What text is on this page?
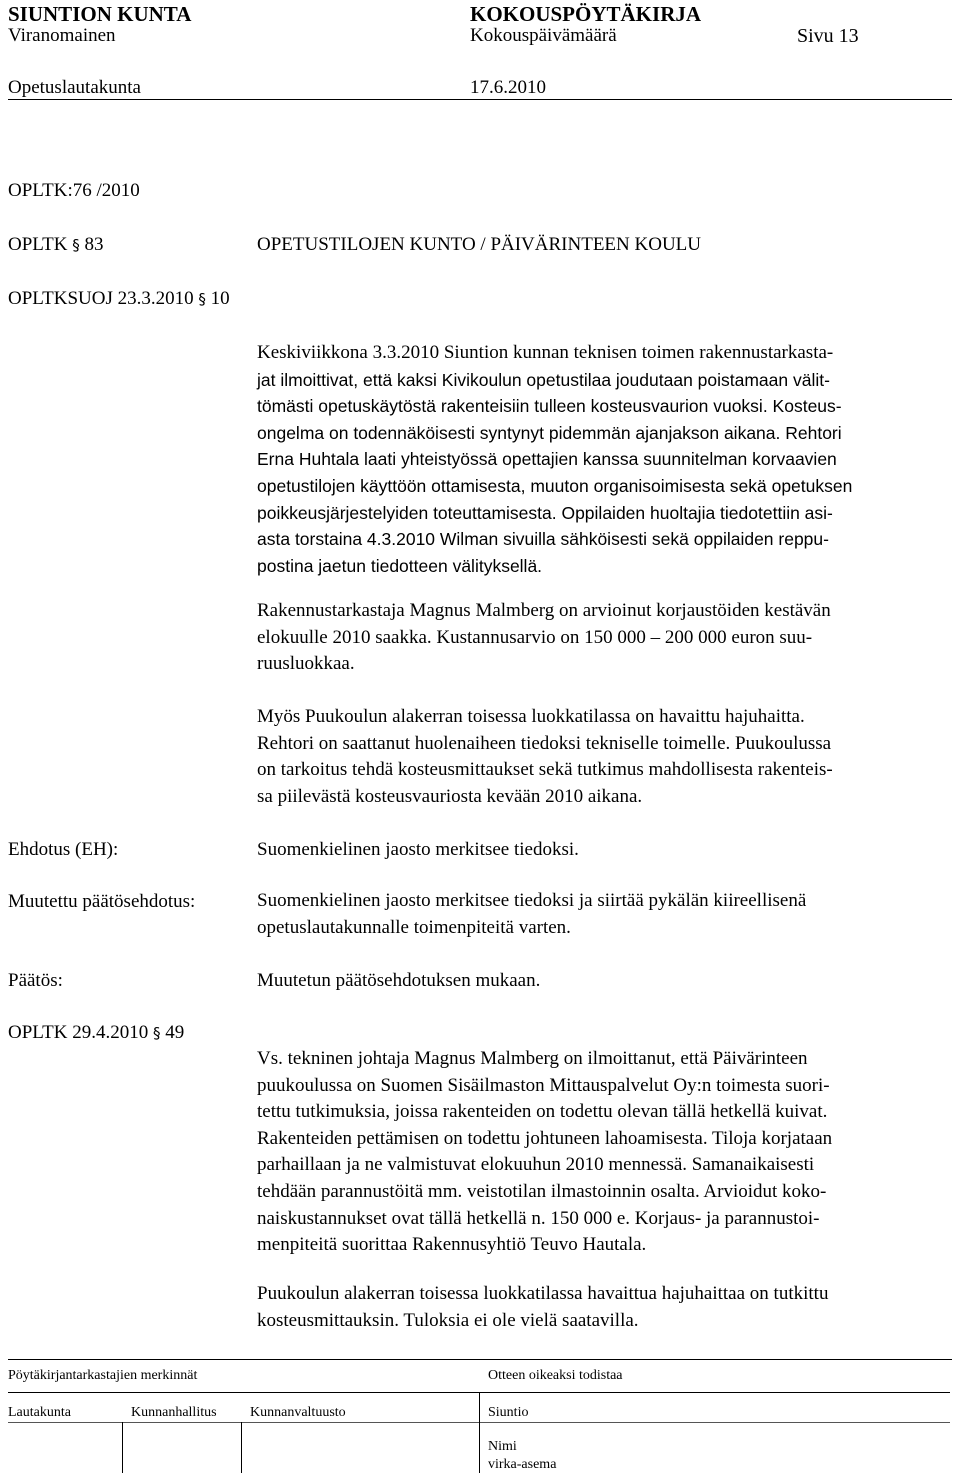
SIUNTION KUNTA	KOKOUSPÖYTÄKIRJA
Viranomainen	Kokouspäivämäärä	Sivu 13
Opetuslautakunta	17.6.2010
OPLTK:76 /2010
OPLTK § 83	OPETUSTILOJEN KUNTO / PÄIVÄRINTEEN KOULU
OPLTKSUOJ 23.3.2010 § 10
Keskiviikkona 3.3.2010 Siuntion kunnan teknisen toimen rakennustarkasta-
jat ilmoittivat, että kaksi Kivikoulun opetustilaa joudutaan poistamaan välit-
tömästi opetuskäytöstä rakenteisiin tulleen kosteusvaurion vuoksi. Kosteus-
ongelma on todennäköisesti syntynyt pidemmän ajanjakson aikana. Rehtori
Erna Huhtala laati yhteistyössä opettajien kanssa suunnitelman korvaavien
opetustilojen käyttöön ottamisesta, muuton organisoimisesta sekä opetuksen
poikkeusjärjestelyiden toteuttamisesta. Oppilaiden huoltajia tiedotettiin asi-
asta torstaina 4.3.2010 Wilman sivuilla sähköisesti sekä oppilaiden reppu-
postina jaetun tiedotteen välityksellä.
Rakennustarkastaja Magnus Malmberg on arvioinut korjaustöiden kestävän
elokuulle 2010 saakka. Kustannusarvio on 150 000 – 200 000 euron suu-
ruusluokkaa.
Myös Puukoulun alakerran toisessa luokkatilassa on havaittu hajuhaitta.
Rehtori on saattanut huolenaiheen tiedoksi tekniselle toimelle. Puukoulussa
on tarkoitus tehdä kosteusmittaukset sekä tutkimus mahdollisesta rakenteis-
sa piilevästä kosteusvauriosta kevään 2010 aikana.
Ehdotus (EH):	Suomenkielinen jaosto merkitsee tiedoksi.
Muutettu päätösehdotus:	Suomenkielinen jaosto merkitsee tiedoksi ja siirtää pykälän kiireellisenä
opetuslautakunnalle toimenpiteitä varten.
Päätös:	Muutetun päätösehdotuksen mukaan.
OPLTK 29.4.2010 § 49
Vs. tekninen johtaja Magnus Malmberg on ilmoittanut, että Päivärinteen
puukoulussa on Suomen Sisäilmaston Mittauspalvelut Oy:n toimesta suori-
tettu tutkimuksia, joissa rakenteiden on todettu olevan tällä hetkellä kuivat.
Rakenteiden pettämisen on todettu johtuneen lahoamisesta. Tiloja korjataan
parhaillaan ja ne valmistuvat elokuuhun 2010 mennessä. Samanaikaisesti
tehdään parannustöitä mm. veistotilan ilmastoinnin osalta. Arvioidut koko-
naiskustannukset ovat tällä hetkellä n. 150 000 e. Korjaus- ja parannustoi-
menpiteitä suorittaa Rakennusyhtiö Teuvo Hautala.
Puukoulun alakerran toisessa luokkatilassa havaittua hajuhaittaa on tutkittu
kosteusmittauksin. Tuloksia ei ole vielä saatavilla.
Pöytäkirjantarkastajien merkinnät	Otteen oikeaksi todistaa
Lautakunta	Kunnanhallitus Kunnanvaltuusto	Siuntio
Nimi
virka-asema
